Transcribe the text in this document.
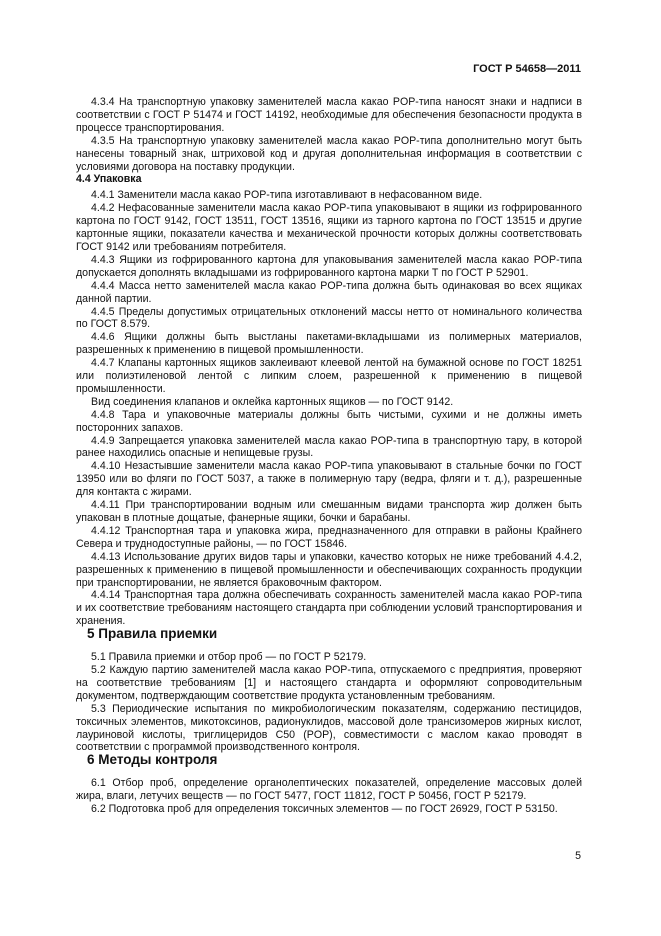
ГОСТ Р 54658—2011

4.3.4 На транспортную упаковку заменителей масла какао POP-типа наносят знаки и надписи в соответствии с ГОСТ Р 51474 и ГОСТ 14192, необходимые для обеспечения безопасности продукта в процессе транспортирования.

4.3.5 На транспортную упаковку заменителей масла какао POP-типа дополнительно могут быть нанесены товарный знак, штриховой код и другая дополнительная информация в соответствии с условиями договора на поставку продукции.

4.4 Упаковка

4.4.1 Заменители масла какао POP-типа изготавливают в нефасованном виде.

4.4.2 Нефасованные заменители масла какао POP-типа упаковывают в ящики из гофрированного картона по ГОСТ 9142, ГОСТ 13511, ГОСТ 13516, ящики из тарного картона по ГОСТ 13515 и другие картонные ящики, показатели качества и механической прочности которых должны соответствовать ГОСТ 9142 или требованиям потребителя.

4.4.3 Ящики из гофрированного картона для упаковывания заменителей масла какао POP-типа допускается дополнять вкладышами из гофрированного картона марки Т по ГОСТ Р 52901.

4.4.4 Масса нетто заменителей масла какао POP-типа должна быть одинаковая во всех ящиках данной партии.

4.4.5 Пределы допустимых отрицательных отклонений массы нетто от номинального количества по ГОСТ 8.579.

4.4.6 Ящики должны быть выстланы пакетами-вкладышами из полимерных материалов, разрешенных к применению в пищевой промышленности.

4.4.7 Клапаны картонных ящиков заклеивают клеевой лентой на бумажной основе по ГОСТ 18251 или полиэтиленовой лентой с липким слоем, разрешенной к применению в пищевой промышленности.

Вид соединения клапанов и оклейка картонных ящиков — по ГОСТ 9142.

4.4.8 Тара и упаковочные материалы должны быть чистыми, сухими и не должны иметь посторонних запахов.

4.4.9 Запрещается упаковка заменителей масла какао POP-типа в транспортную тару, в которой ранее находились опасные и непищевые грузы.

4.4.10 Незастывшие заменители масла какао POP-типа упаковывают в стальные бочки по ГОСТ 13950 или во фляги по ГОСТ 5037, а также в полимерную тару (ведра, фляги и т. д.), разрешенные для контакта с жирами.

4.4.11 При транспортировании водным или смешанным видами транспорта жир должен быть упакован в плотные дощатые, фанерные ящики, бочки и барабаны.

4.4.12 Транспортная тара и упаковка жира, предназначенного для отправки в районы Крайнего Севера и труднодоступные районы, — по ГОСТ 15846.

4.4.13 Использование других видов тары и упаковки, качество которых не ниже требований 4.4.2, разрешенных к применению в пищевой промышленности и обеспечивающих сохранность продукции при транспортировании, не является браковочным фактором.

4.4.14 Транспортная тара должна обеспечивать сохранность заменителей масла какао POP-типа и их соответствие требованиям настоящего стандарта при соблюдении условий транспортирования и хранения.

5 Правила приемки

5.1 Правила приемки и отбор проб — по ГОСТ Р 52179.

5.2 Каждую партию заменителей масла какао POP-типа, отпускаемого с предприятия, проверяют на соответствие требованиям [1] и настоящего стандарта и оформляют сопроводительным документом, подтверждающим соответствие продукта установленным требованиям.

5.3 Периодические испытания по микробиологическим показателям, содержанию пестицидов, токсичных элементов, микотоксинов, радионуклидов, массовой доле трансизомеров жирных кислот, лауриновой кислоты, триглицеридов С50 (POP), совместимости с маслом какао проводят в соответствии с программой производственного контроля.

6 Методы контроля

6.1 Отбор проб, определение органолептических показателей, определение массовых долей жира, влаги, летучих веществ — по ГОСТ 5477, ГОСТ 11812, ГОСТ Р 50456, ГОСТ Р 52179.

6.2 Подготовка проб для определения токсичных элементов — по ГОСТ 26929, ГОСТ Р 53150.

5
